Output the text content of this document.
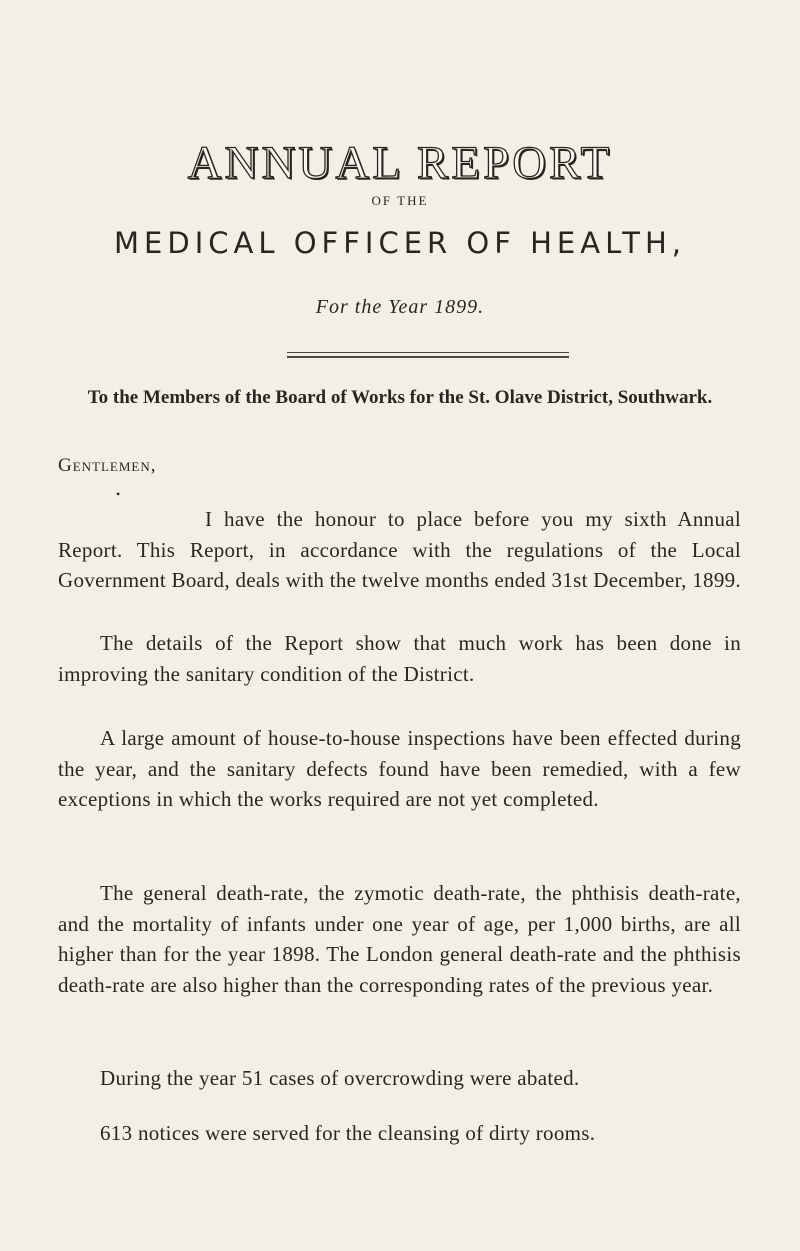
ANNUAL REPORT
OF THE
MEDICAL OFFICER OF HEALTH,
For the Year 1899.
To the Members of the Board of Works for the St. Olave District, Southwark.
Gentlemen,
•

I have the honour to place before you my sixth Annual Report. This Report, in accordance with the regulations of the Local Government Board, deals with the twelve months ended 31st December, 1899.

The details of the Report show that much work has been done in improving the sanitary condition of the District.

A large amount of house-to-house inspections have been effected during the year, and the sanitary defects found have been remedied, with a few exceptions in which the works required are not yet completed.

The general death-rate, the zymotic death-rate, the phthisis death-rate, and the mortality of infants under one year of age, per 1,000 births, are all higher than for the year 1898. The London general death-rate and the phthisis death-rate are also higher than the corresponding rates of the previous year.

During the year 51 cases of overcrowding were abated.

613 notices were served for the cleansing of dirty rooms.
